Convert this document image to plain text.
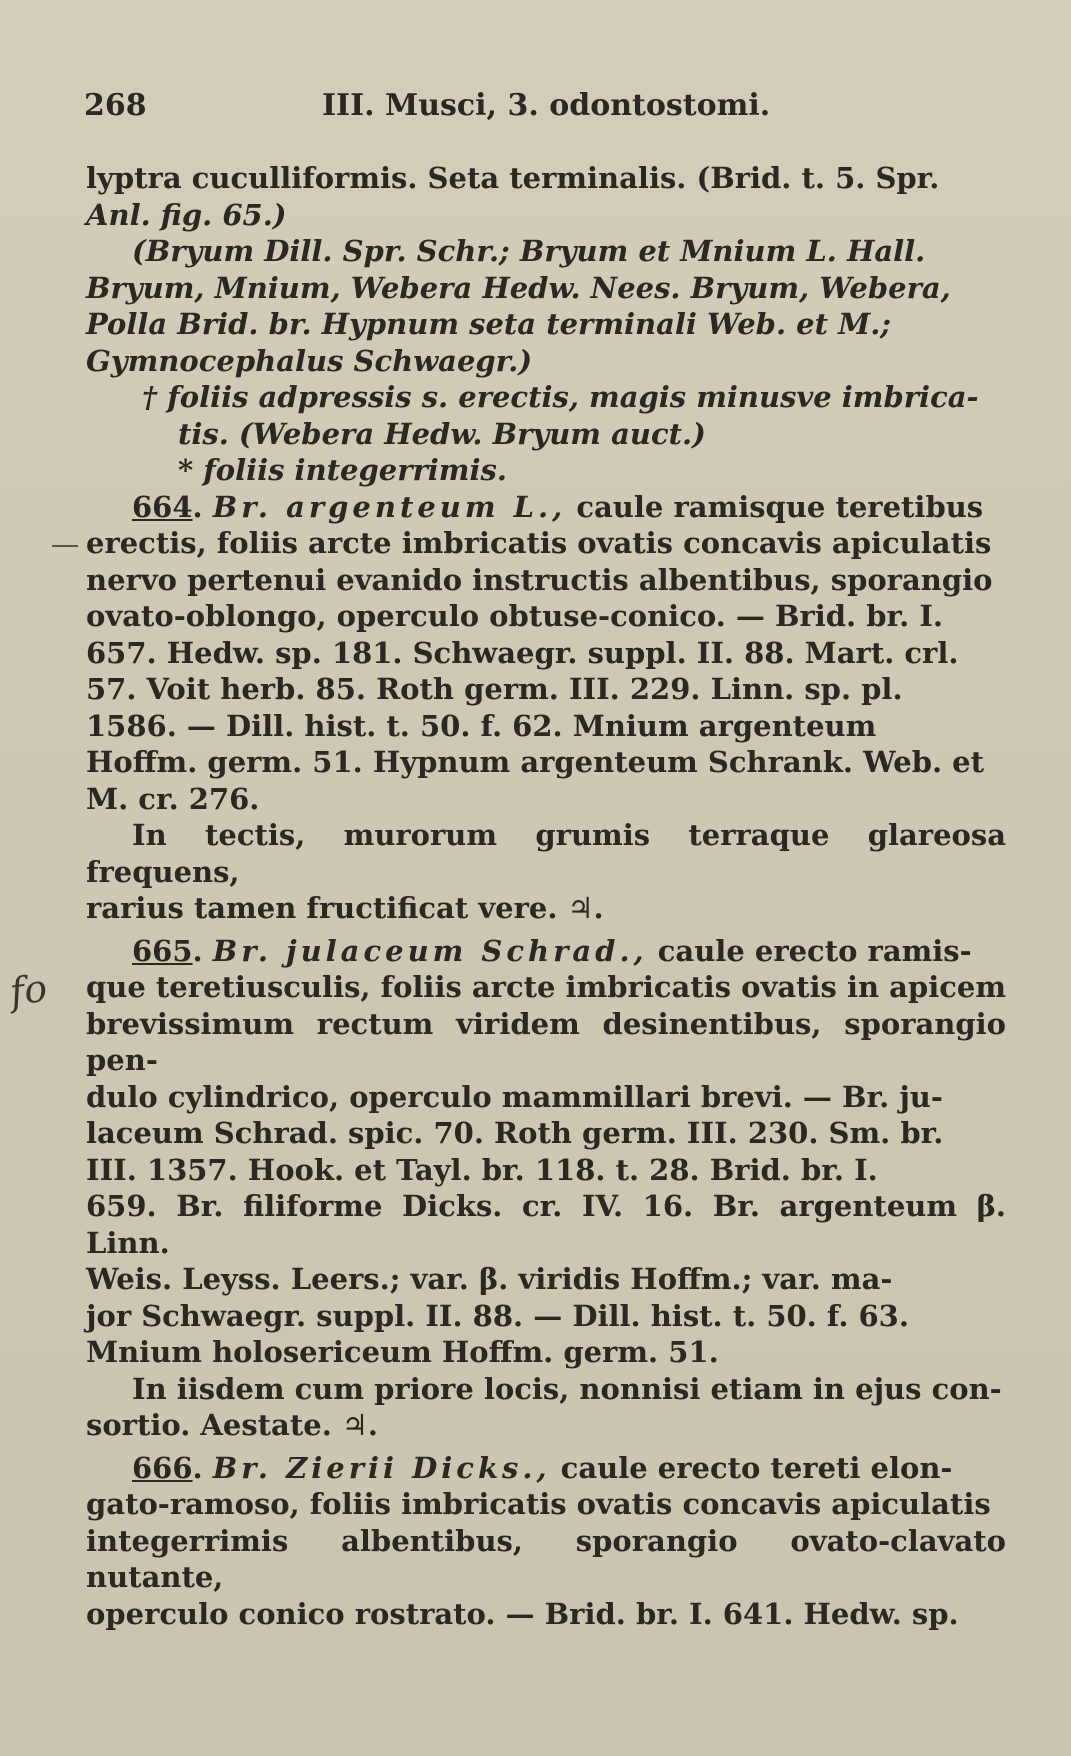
268	III. Musci, 3. odontostomi.
fo
lyptra cuculliformis. Seta terminalis. (Brid. t. 5. Spr.
Anl. fig. 65.)
(Bryum Dill. Spr. Schr.; Bryum et Mnium L. Hall.
Bryum, Mnium, Webera Hedw. Nees. Bryum, Webera,
Polla Brid. br. Hypnum seta terminali Web. et M.;
Gymnocephalus Schwaegr.)
† foliis adpressis s. erectis, magis minusve imbrica-
tis. (Webera Hedw. Bryum auct.)
* foliis integerrimis.
664. Br. argenteum L., caule ramisque teretibus
erectis, foliis arcte imbricatis ovatis concavis apiculatis
nervo pertenui evanido instructis albentibus, sporangio
ovato-oblongo, operculo obtuse-conico. — Brid. br. I.
657. Hedw. sp. 181. Schwaegr. suppl. II. 88. Mart. crl.
57. Voit herb. 85. Roth germ. III. 229. Linn. sp. pl.
1586. — Dill. hist. t. 50. f. 62. Mnium argenteum
Hoffm. germ. 51. Hypnum argenteum Schrank. Web. et
M. cr. 276.
In tectis, murorum grumis terraque glareosa frequens,
rarius tamen fructificat vere. ♃.
665. Br. julaceum Schrad., caule erecto ramis-
que teretiusculis, foliis arcte imbricatis ovatis in apicem
brevissimum rectum viridem desinentibus, sporangio pen-
dulo cylindrico, operculo mammillari brevi. — Br. ju-
laceum Schrad. spic. 70. Roth germ. III. 230. Sm. br.
III. 1357. Hook. et Tayl. br. 118. t. 28. Brid. br. I.
659. Br. filiforme Dicks. cr. IV. 16. Br. argenteum β. Linn.
Weis. Leyss. Leers.; var. β. viridis Hoffm.; var. ma-
jor Schwaegr. suppl. II. 88. — Dill. hist. t. 50. f. 63.
Mnium holosericeum Hoffm. germ. 51.
In iisdem cum priore locis, nonnisi etiam in ejus con-
sortio. Aestate. ♃.
666. Br. Zierii Dicks., caule erecto tereti elon-
gato-ramoso, foliis imbricatis ovatis concavis apiculatis
integerrimis albentibus, sporangio ovato-clavato nutante,
operculo conico rostrato. — Brid. br. I. 641. Hedw. sp.
